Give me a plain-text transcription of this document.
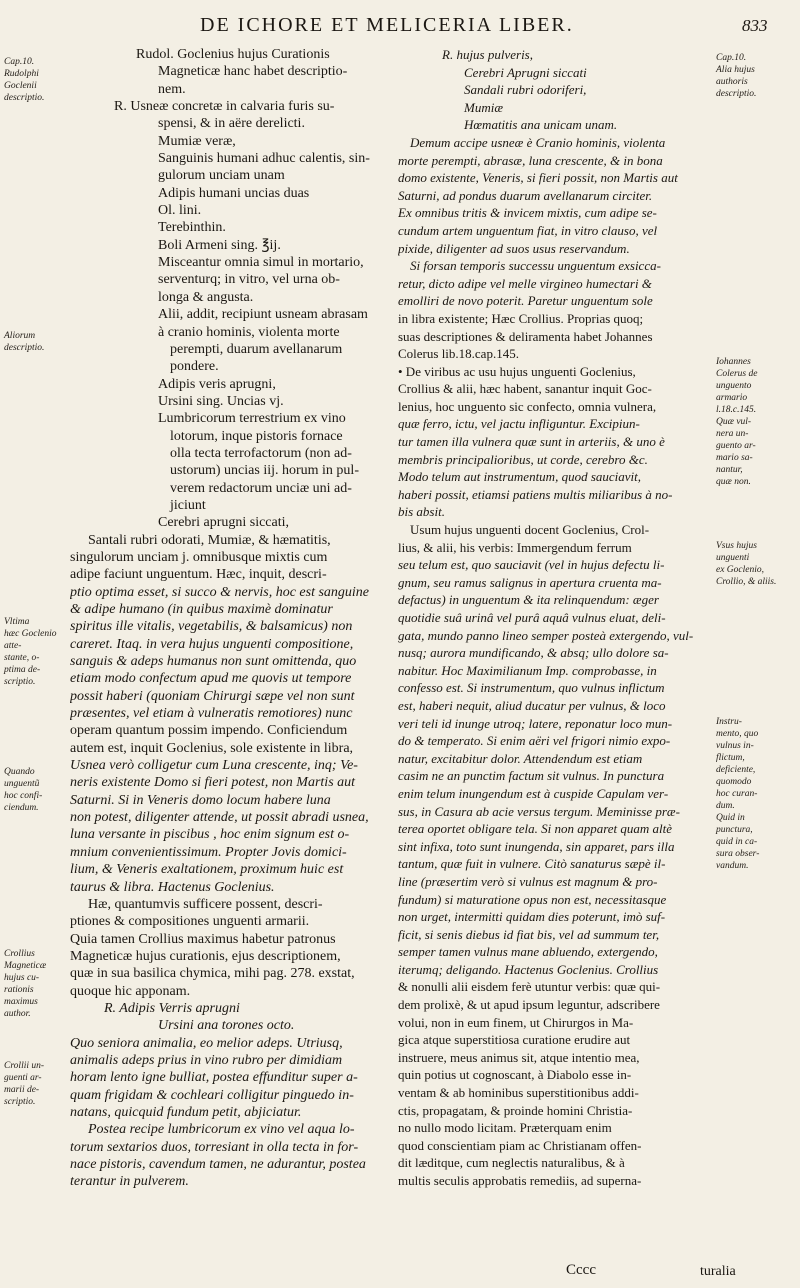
DE ICHORE ET MELICERIA LIBER.	833
Cap.10.
Rudolphi
Goclenii
descriptio.
Aliorum
descriptio.
Vltima
hæc Goclenio atte-
stante, o-
ptima de-
scriptio.
Quando
unguentũ
hoc confi-
ciendum.
Crollius
Magneticæ
hujus cu-
rationis
maximus
author.
Crollii un-
guenti ar-
marii de-
scriptio.
Cap.10.
Alia hujus
authoris
descriptio.
Iohannes
Colerus de
unguento
armario
l.18.c.145.
Quæ vul-
nera un-
guento ar-
mario sa-
nantur,
quæ non.
Vsus hujus
unguenti
ex Goclenio,
Crollio, & aliis.
Instru-
mento, quo
vulnus in-
flictum,
deficiente,
quomodo
hoc curan-
dum.
Quid in
punctura,
quid in ca-
sura obser-
vandum.
Rudol. Goclenius hujus Curationis
Magneticæ hanc habet descriptio-
nem.
R. Usneæ concretæ in calvaria furis su-
spensi, & in aëre derelicti.
Mumiæ veræ,
Sanguinis humani adhuc calentis, sin-
gulorum unciam unam
Adipis humani uncias duas
Ol. lini.
Terebinthin.
Boli Armeni sing. ℥ij.
Misceantur omnia simul in mortario,
serventurq; in vitro, vel urna ob-
longa & angusta.
Alii, addit, recipiunt usneam abrasam
à cranio hominis, violenta morte
perempti, duarum avellanarum
pondere.
Adipis veris aprugni,
Ursini sing. Uncias vj.
Lumbricorum terrestrium ex vino
lotorum, inque pistoris fornace
olla tecta terrofactorum (non ad-
ustorum) uncias iij. horum in pul-
verem redactorum unciæ uni ad-
jiciunt
Cerebri aprugni siccati,
Santali rubri odorati, Mumiæ, & hæmatitis,
singulorum unciam j. omnibusque mixtis cum
adipe faciunt unguentum. Hæc, inquit, descri-
ptio optima esset, si succo & nervis, hoc est sanguine
& adipe humano (in quibus maximè dominatur
spiritus ille vitalis, vegetabilis, & balsamicus) non
careret. Itaq. in vera hujus unguenti compositione,
sanguis & adeps humanus non sunt omittenda, quo
etiam modo confectum apud me quovis ut tempore
possit haberi (quoniam Chirurgi sæpe vel non sunt
præsentes, vel etiam à vulneratis remotiores) nunc
operam quantum possim impendo. Conficiendum
autem est, inquit Goclenius, sole existente in libra,
Usnea verò colligetur cum Luna crescente, inq; Ve-
neris existente Domo si fieri potest, non Martis aut
Saturni. Si in Veneris domo locum habere luna
non potest, diligenter attende, ut possit abradi usnea,
luna versante in piscibus , hoc enim signum est o-
mnium convenientissimum. Propter Jovis domici-
lium, & Veneris exaltationem, proximum huic est
taurus & libra. Hactenus Goclenius.
Hæ, quantumvis sufficere possent, descri-
ptiones & compositiones unguenti armarii.
Quia tamen Crollius maximus habetur patronus
Magneticæ hujus curationis, ejus descriptionem,
quæ in sua basilica chymica, mihi pag. 278. exstat,
quoque hic apponam.
R. Adipis Verris aprugni
Ursini ana torones octo.
Quo seniora animalia, eo melior adeps. Utriusq,
animalis adeps prius in vino rubro per dimidiam
horam lento igne bulliat, postea effunditur super a-
quam frigidam & cochleari colligitur pinguedo in-
natans, quicquid fundum petit, abjiciatur.
Postea recipe lumbricorum ex vino vel aqua lo-
torum sextarios duos, torresiant in olla tecta in for-
nace pistoris, cavendum tamen, ne adurantur, postea
terantur in pulverem.
R. hujus pulveris,
Cerebri Aprugni siccati
Sandali rubri odoriferi,
Mumiæ
Hœmatitis ana unicam unam.
Demum accipe usneæ è Cranio hominis, violenta
morte perempti, abrasæ, luna crescente, & in bona
domo existente, Veneris, si fieri possit, non Martis aut
Saturni, ad pondus duarum avellanarum circiter.
Ex omnibus tritis & invicem mixtis, cum adipe se-
cundum artem unguentum fiat, in vitro clauso, vel
pixide, diligenter ad suos usus reservandum.
Si forsan temporis successu unguentum exsicca-
retur, dicto adipe vel melle virgineo humectari &
emolliri de novo poterit. Paretur unguentum sole
in libra existente; Hæc Crollius. Proprias quoq;
suas descriptiones & deliramenta habet Johannes
Colerus lib.18.cap.145.
• De viribus ac usu hujus unguenti Goclenius,
Crollius & alii, hæc habent, sanantur inquit Goc-
lenius, hoc unguento sic confecto, omnia vulnera,
quæ ferro, ictu, vel jactu infliguntur. Excipiun-
tur tamen illa vulnera quæ sunt in arteriis, & uno è
membris principalioribus, ut corde, cerebro &c.
Modo telum aut instrumentum, quod sauciavit,
haberi possit, etiamsi patiens multis miliaribus à no-
bis absit.
Usum hujus unguenti docent Goclenius, Crol-
lius, & alii, his verbis: Immergendum ferrum
seu telum est, quo sauciavit (vel in hujus defectu li-
gnum, seu ramus salignus in apertura cruenta ma-
defactus) in unguentum & ita relinquendum: æger
quotidie suâ urinâ vel purâ aquâ vulnus eluat, deli-
gata, mundo panno lineo semper posteà extergendo, vul-
nusq; aurora mundificando, & absq; ullo dolore sa-
nabitur. Hoc Maximilianum Imp. comprobasse, in
confesso est. Si instrumentum, quo vulnus inflictum
est, haberi nequit, aliud ducatur per vulnus, & loco
veri teli id inunge utroq; latere, reponatur loco mun-
do & temperato. Si enim aëri vel frigori nimio expo-
natur, excitabitur dolor. Attendendum est etiam
casim ne an punctim factum sit vulnus. In punctura
enim telum inungendum est à cuspide Capulam ver-
sus, in Casura ab acie versus tergum. Meminisse præ-
terea oportet obligare tela. Si non apparet quam altè
sint infixa, toto sunt inungenda, sin apparet, pars illa
tantum, quæ fuit in vulnere. Citò sanaturus sæpè il-
line (præsertim verò si vulnus est magnum & pro-
fundum) si maturatione opus non est, necessitasque
non urget, intermitti quidam dies poterunt, imò suf-
ficit, si senis diebus id fiat bis, vel ad summum ter,
semper tamen vulnus mane abluendo, extergendo,
iterumq; deligando. Hactenus Goclenius. Crollius
& nonulli alii eisdem ferè utuntur verbis: quæ qui-
dem prolixè, & ut apud ipsum leguntur, adscribere
volui, non in eum finem, ut Chirurgos in Ma-
gica atque superstitiosa curatione erudire aut
instruere, meus animus sit, atque intentio mea,
quin potius ut cognoscant, à Diabolo esse in-
ventam & ab hominibus superstitionibus addi-
ctis, propagatam, & proinde homini Christia-
no nullo modo licitam. Præterquam enim
quod conscientiam piam ac Christianam offen-
dit læditque, cum neglectis naturalibus, & à
multis seculis approbatis remediis, ad superna-
Cccc	turalia
